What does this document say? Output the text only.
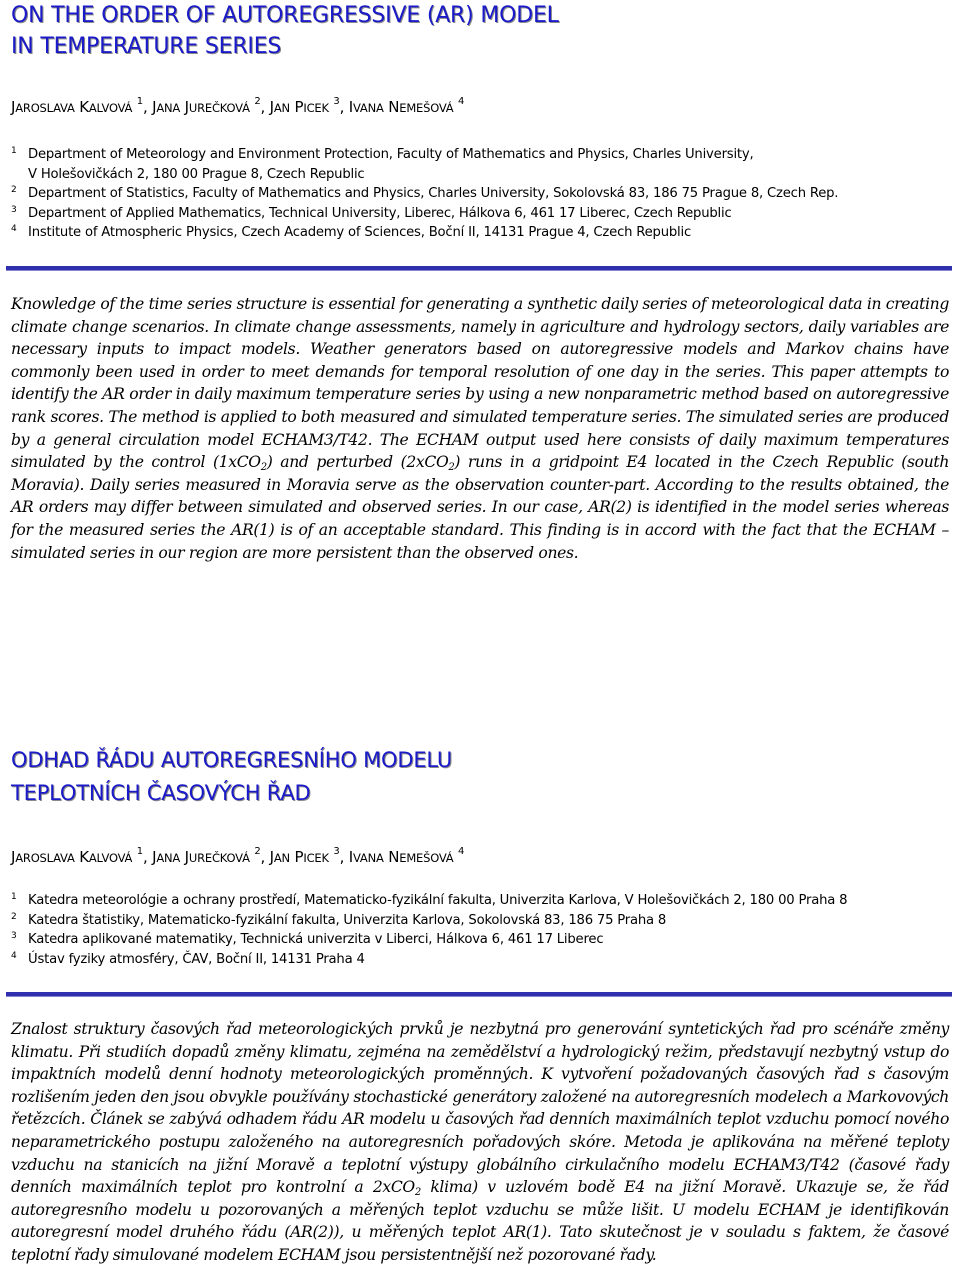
ON THE ORDER OF AUTOREGRESSIVE (AR) MODEL
IN TEMPERATURE SERIES
JAROSLAVA KALVOVÁ $^1$, JANA JUREČKOVÁ $^2$, JAN PICEK $^3$, IVANA NEMEŠOVÁ $^4$
1 Department of Meteorology and Environment Protection, Faculty of Mathematics and Physics, Charles University,
V Holešovičkách 2, 180 00 Prague 8, Czech Republic
2 Department of Statistics, Faculty of Mathematics and Physics, Charles University, Sokolovská 83, 186 75 Prague 8, Czech Rep.
3 Department of Applied Mathematics, Technical University, Liberec, Hálkova 6, 461 17 Liberec, Czech Republic
4 Institute of Atmospheric Physics, Czech Academy of Sciences, Boční II, 14131 Prague 4, Czech Republic

Knowledge of the time series structure is essential for generating a synthetic daily series of meteorological data in creating climate change scenarios. In climate change assessments, namely in agriculture and hydrology sectors, daily variables are necessary inputs to impact models. Weather generators based on autoregressive models and Markov chains have commonly been used in order to meet demands for temporal resolution of one day in the series. This paper attempts to identify the AR order in daily maximum temperature series by using a new nonparametric method based on autoregressive rank scores. The method is applied to both measured and simulated temperature series. The simulated series are produced by a general circulation model ECHAM3/T42. The ECHAM output used here consists of daily maximum temperatures simulated by the control (1xCO$_2$) and perturbed (2xCO$_2$) runs in a gridpoint E4 located in the Czech Republic (south Moravia). Daily series measured in Moravia serve as the observation counter-part. According to the results obtained, the AR orders may differ between simulated and observed series. In our case, AR(2) is identified in the model series whereas for the measured series the AR(1) is of an acceptable standard. This finding is in accord with the fact that the ECHAM – simulated series in our region are more persistent than the observed ones.

ODHAD ŘÁDU AUTOREGRESNÍHO MODELU
TEPLOTNÍCH ČASOVÝCH ŘAD
JAROSLAVA KALVOVÁ $^1$, JANA JUREČKOVÁ $^2$, JAN PICEK $^3$, IVANA NEMEŠOVÁ $^4$
1 Katedra meteorológie a ochrany prostředí, Matematicko-fyzikální fakulta, Univerzita Karlova, V Holešovičkách 2, 180 00 Praha 8
2 Katedra štatistiky, Matematicko-fyzikální fakulta, Univerzita Karlova, Sokolovská 83, 186 75 Praha 8
3 Katedra aplikované matematiky, Technická univerzita v Liberci, Hálkova 6, 461 17 Liberec
4 Ústav fyziky atmosféry, ČAV, Boční II, 14131 Praha 4

Znalost struktury časových řad meteorologických prvků je nezbytná pro generování syntetických řad pro scénáře změny klimatu. Při studiích dopadů změny klimatu, zejména na zemědělství a hydrologický režim, představují nezbytný vstup do impaktních modelů denní hodnoty meteorologických proměnných. K vytvoření požadovaných časových řad s časovým rozlišením jeden den jsou obvykle používány stochastické generátory založené na autoregresních modelech a Markovových řetězcích. Článek se zabývá odhadem řádu AR modelu u časových řad denních maximálních teplot vzduchu pomocí nového neparametrického postupu založeného na autoregresních pořadových skóre. Metoda je aplikována na měřené teploty vzduchu na stanicích na jižní Moravě a teplotní výstupy globálního cirkulačního modelu ECHAM3/T42 (časové řady denních maximálních teplot pro kontrolní a 2xCO$_2$ klima) v uzlovém bodě E4 na jižní Moravě. Ukazuje se, že řád autoregresního modelu u pozorovaných a měřených teplot vzduchu se může lišit. U modelu ECHAM je identifikován autoregresní model druhého řádu (AR(2)), u měřených teplot AR(1). Tato skutečnost je v souladu s faktem, že časové teplotní řady simulované modelem ECHAM jsou persistentnější než pozorované řady.
